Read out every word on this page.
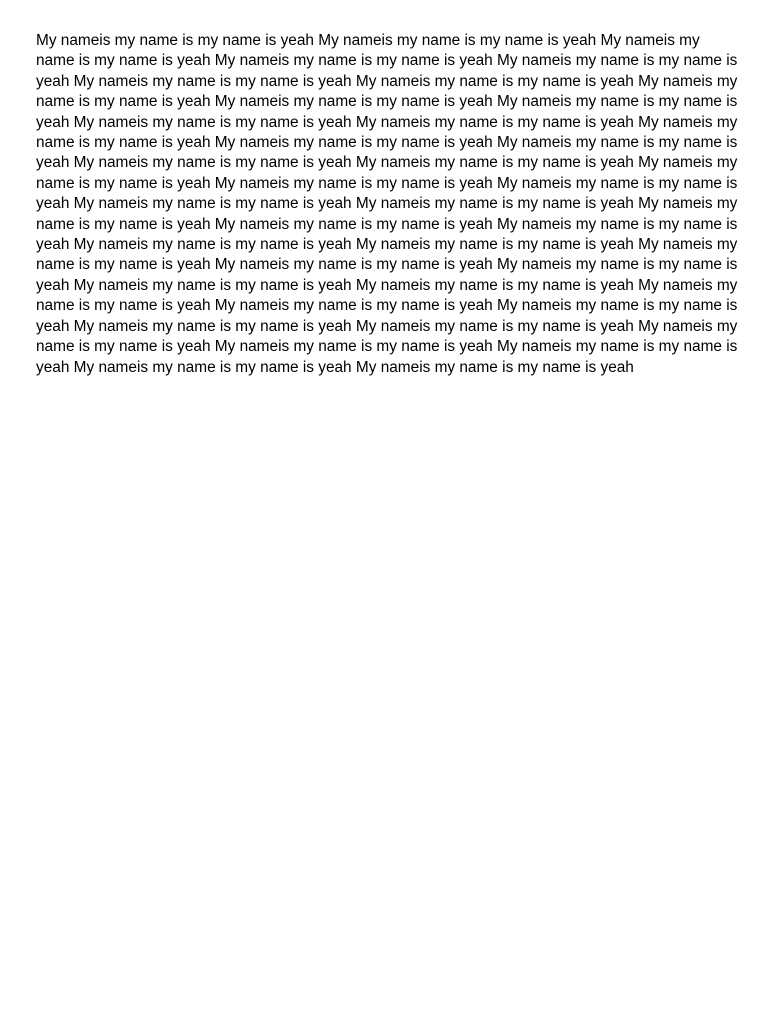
My nameis my name is my name is yeah My nameis my name is my name is yeah My nameis my name is my name is yeah My nameis my name is my name is yeah My nameis my name is my name is yeah My nameis my name is my name is yeah My nameis my name is my name is yeah My nameis my name is my name is yeah My nameis my name is my name is yeah My nameis my name is my name is yeah My nameis my name is my name is yeah My nameis my name is my name is yeah My nameis my name is my name is yeah My nameis my name is my name is yeah My nameis my name is my name is yeah My nameis my name is my name is yeah My nameis my name is my name is yeah My nameis my name is my name is yeah My nameis my name is my name is yeah My nameis my name is my name is yeah My nameis my name is my name is yeah My nameis my name is my name is yeah My nameis my name is my name is yeah My nameis my name is my name is yeah My nameis my name is my name is yeah My nameis my name is my name is yeah My nameis my name is my name is yeah My nameis my name is my name is yeah My nameis my name is my name is yeah My nameis my name is my name is yeah My nameis my name is my name is yeah My nameis my name is my name is yeah My nameis my name is my name is yeah My nameis my name is my name is yeah My nameis my name is my name is yeah My nameis my name is my name is yeah My nameis my name is my name is yeah My nameis my name is my name is yeah My nameis my name is my name is yeah My nameis my name is my name is yeah My nameis my name is my name is yeah My nameis my name is my name is yeah
